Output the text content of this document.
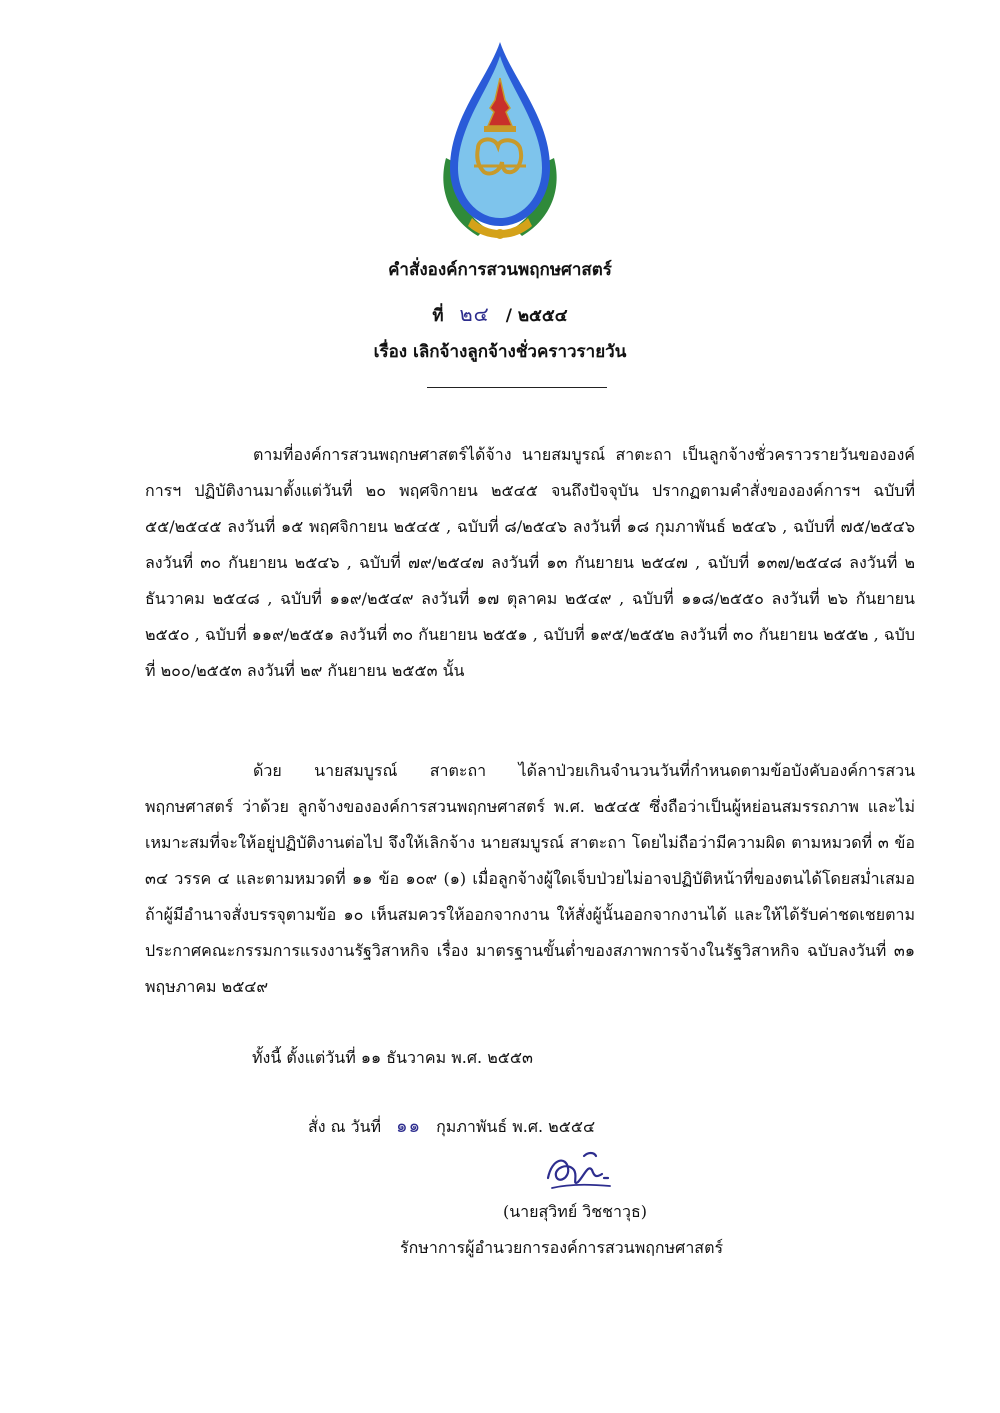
คำสั่งองค์การสวนพฤกษศาสตร์
ที่ ๒๔ / ๒๕๕๔
เรื่อง เลิกจ้างลูกจ้างชั่วคราวรายวัน
ตามที่องค์การสวนพฤกษศาสตร์ได้จ้าง นายสมบูรณ์ สาตะถา เป็นลูกจ้างชั่วคราวรายวันขององค์การฯ ปฏิบัติงานมาตั้งแต่วันที่ ๒๐ พฤศจิกายน ๒๕๔๕ จนถึงปัจจุบัน ปรากฏตามคำสั่งขององค์การฯ ฉบับที่ ๕๕/๒๕๔๕ ลงวันที่ ๑๕ พฤศจิกายน ๒๕๔๕ , ฉบับที่ ๘/๒๕๔๖ ลงวันที่ ๑๘ กุมภาพันธ์ ๒๕๔๖ , ฉบับที่ ๗๕/๒๕๔๖ ลงวันที่ ๓๐ กันยายน ๒๕๔๖ , ฉบับที่ ๗๙/๒๕๔๗ ลงวันที่ ๑๓ กันยายน ๒๕๔๗ , ฉบับที่ ๑๓๗/๒๕๔๘ ลงวันที่ ๒ ธันวาคม ๒๕๔๘ , ฉบับที่ ๑๑๙/๒๕๔๙ ลงวันที่ ๑๗ ตุลาคม ๒๕๔๙ , ฉบับที่ ๑๑๘/๒๕๕๐ ลงวันที่ ๒๖ กันยายน ๒๕๕๐ , ฉบับที่ ๑๑๙/๒๕๕๑ ลงวันที่ ๓๐ กันยายน ๒๕๕๑ , ฉบับที่ ๑๙๕/๒๕๕๒ ลงวันที่ ๓๐ กันยายน ๒๕๕๒ , ฉบับที่ ๒๐๐/๒๕๕๓ ลงวันที่ ๒๙ กันยายน ๒๕๕๓ นั้น
ด้วย นายสมบูรณ์ สาตะถา ได้ลาป่วยเกินจำนวนวันที่กำหนดตามข้อบังคับองค์การสวนพฤกษศาสตร์ ว่าด้วย ลูกจ้างขององค์การสวนพฤกษศาสตร์ พ.ศ. ๒๕๔๕ ซึ่งถือว่าเป็นผู้หย่อนสมรรถภาพ และไม่เหมาะสมที่จะให้อยู่ปฏิบัติงานต่อไป จึงให้เลิกจ้าง นายสมบูรณ์ สาตะถา โดยไม่ถือว่ามีความผิด ตามหมวดที่ ๓ ข้อ ๓๔ วรรค ๔ และตามหมวดที่ ๑๑ ข้อ ๑๐๙ (๑) เมื่อลูกจ้างผู้ใดเจ็บป่วยไม่อาจปฏิบัติหน้าที่ของตนได้โดยสม่ำเสมอ ถ้าผู้มีอำนาจสั่งบรรจุตามข้อ ๑๐ เห็นสมควรให้ออกจากงาน ให้สั่งผู้นั้นออกจากงานได้ และให้ได้รับค่าชดเชยตามประกาศคณะกรรมการแรงงานรัฐวิสาหกิจ เรื่อง มาตรฐานขั้นต่ำของสภาพการจ้างในรัฐวิสาหกิจ ฉบับลงวันที่ ๓๑ พฤษภาคม ๒๕๔๙
ทั้งนี้ ตั้งแต่วันที่ ๑๑ ธันวาคม พ.ศ. ๒๕๕๓
สั่ง ณ วันที่ ๑๑ กุมภาพันธ์ พ.ศ. ๒๕๕๔
(นายสุวิทย์ วิชชาวุธ)
รักษาการผู้อำนวยการองค์การสวนพฤกษศาสตร์
